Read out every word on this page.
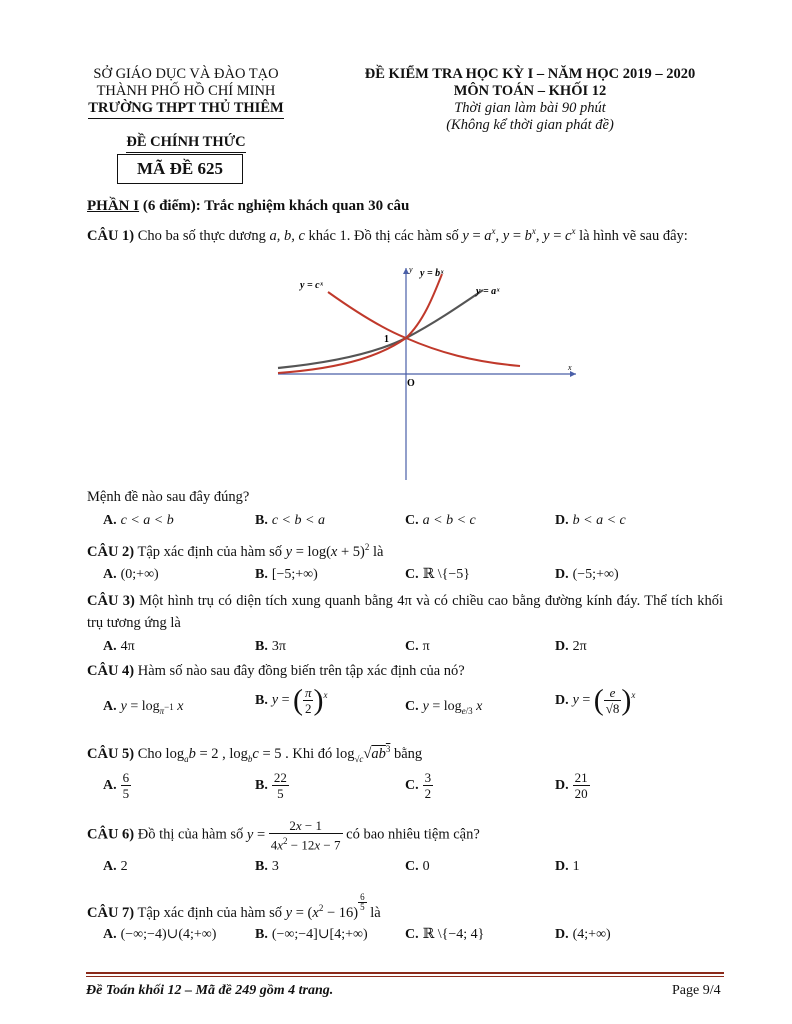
SỞ GIÁO DỤC VÀ ĐÀO TẠO
THÀNH PHỐ HỒ CHÍ MINH
TRƯỜNG THPT THỦ THIÊM
ĐỀ KIỂM TRA HỌC KỲ I – NĂM HỌC 2019 – 2020
MÔN TOÁN – KHỐI 12
Thời gian làm bài 90 phút
(Không kể thời gian phát đề)
ĐỀ CHÍNH THỨC
MÃ ĐỀ 625
PHẦN I (6 điểm): Trắc nghiệm khách quan 30 câu
CÂU 1) Cho ba số thực dương a, b, c khác 1. Đồ thị các hàm số $y = a^x$, $y = b^x$, $y = c^x$ là hình vẽ sau đây:
y = cˣ
y = bˣ
y = aˣ
1
O
x
y
Mệnh đề nào sau đây đúng?
A. c < a < b	B. c < b < a	C. a < b < c	D. b < a < c
CÂU 2) Tập xác định của hàm số $y = \log(x + 5)^2$ là
A. (0;+∞)	B. [−5;+∞)	C. ℝ \{−5}	D. (−5;+∞)
CÂU 3) Một hình trụ có diện tích xung quanh bằng 4π và có chiều cao bằng đường kính đáy. Thể tích khối trụ tương ứng là
A. 4π	B. 3π	C. π	D. 2π
CÂU 4) Hàm số nào sau đây đồng biến trên tập xác định của nó?
A. $y = \log_{\pi^{-1}} x$	B. y = ( $\frac{\pi}{2} )^x$
C. $y = \log_{e/3} x$	D. y = ( $\frac{e}{√8} )^x$
CÂU 5) Cho $\log_ab = 2$ , $\log_bc = 5$ . Khi đó $\log_{√c}√ab^3$ bằng
A. $\frac{6}{5}$	B. $\frac{22}{5}$	C. $\frac{3}{2}$	D. $\frac{21}{20}$
CÂU 6) Đồ thị của hàm số $y = \frac{2x - 1}{4x^2 - 12x - 7}$ có bao nhiêu tiệm cận?
A. 2	B. 3	C. 0	D. 1
CÂU 7) Tập xác định của hàm số $y = (x^2 - 16)$
$^{\frac{6}{5}}$
là
A. (−∞;−4)∪(4;+∞)	B. (−∞;−4]∪[4;+∞)	C. ℝ \{−4; 4}	D. (4;+∞)
Đề Toán khối 12 – Mã đề 249 gồm 4 trang.	Page 9/4
